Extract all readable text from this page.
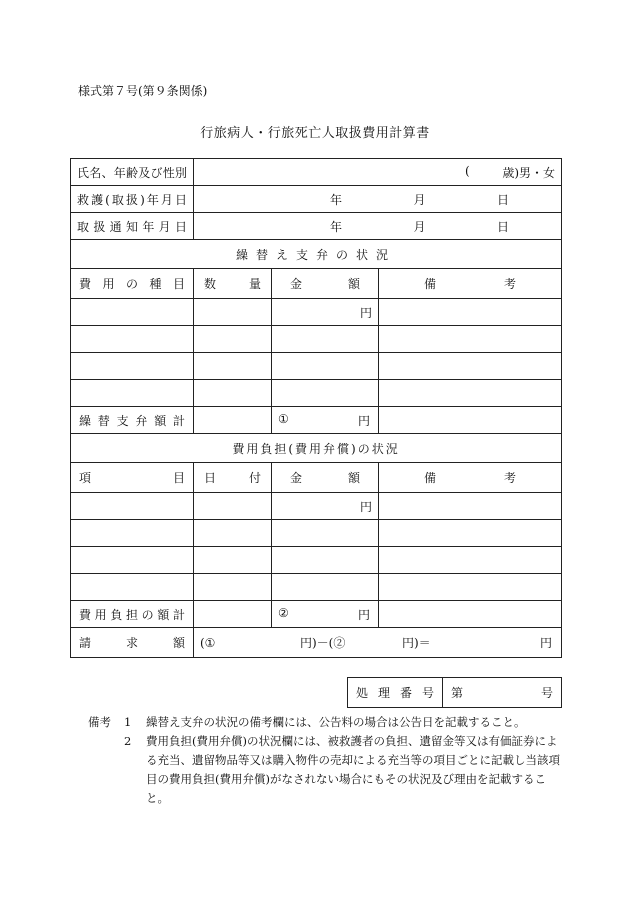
様式第７号(第９条関係)
行旅病人・行旅死亡人取扱費用計算書
氏名、年齢及び性別	( 歳)男・女		

救護(取扱)年月日	年 月 日		

取扱通知年月日	年 月 日		

繰替え支弁の状況			
費用の種目	数量	金額	備考
		円	

繰替支弁額計		① 円	

費用負担(費用弁償)の状況			
項目	日付	金額	備考
		円	

費用負担の額計		② 円	

請求額	(① 円)－(② 円)＝ 円		
処理番号	第	号
備考	1	繰替え支弁の状況の備考欄には、公告料の場合は公告日を記載すること。
2	費用負担(費用弁償)の状況欄には、被救護者の負担、遺留金等又は有価証券による充当、遺留物品等又は購入物件の売却による充当等の項目ごとに記載し当該項目の費用負担(費用弁償)がなされない場合にもその状況及び理由を記載すること。
